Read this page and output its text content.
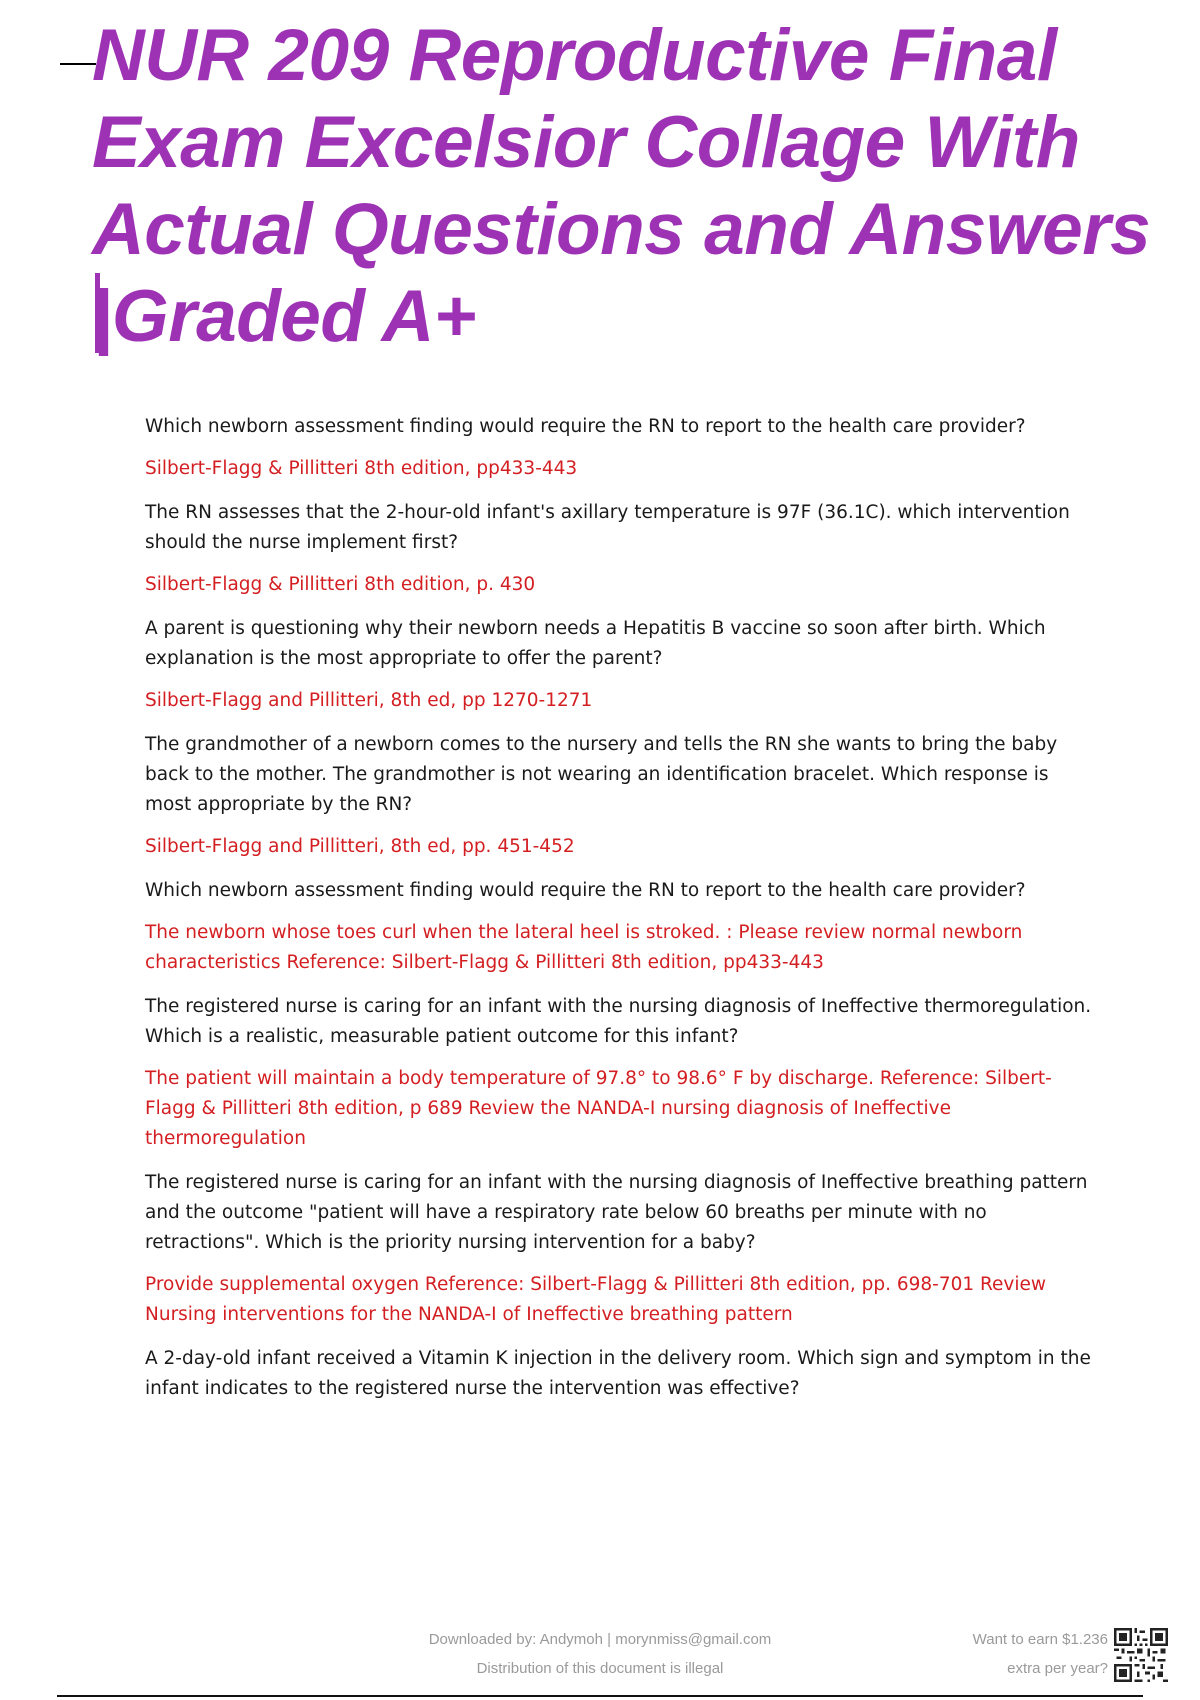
NUR 209 Reproductive Final Exam Excelsior Collage With Actual Questions and Answers |Graded A+
Which newborn assessment finding would require the RN to report to the health care provider?
Silbert-Flagg & Pillitteri 8th edition, pp433-443
The RN assesses that the 2-hour-old infant's axillary temperature is 97F (36.1C). which intervention should the nurse implement first?
Silbert-Flagg & Pillitteri 8th edition, p. 430
A parent is questioning why their newborn needs a Hepatitis B vaccine so soon after birth. Which explanation is the most appropriate to offer the parent?
Silbert-Flagg and Pillitteri, 8th ed, pp 1270-1271
The grandmother of a newborn comes to the nursery and tells the RN she wants to bring the baby back to the mother. The grandmother is not wearing an identification bracelet. Which response is most appropriate by the RN?
Silbert-Flagg and Pillitteri, 8th ed, pp. 451-452
Which newborn assessment finding would require the RN to report to the health care provider?
The newborn whose toes curl when the lateral heel is stroked. : Please review normal newborn characteristics Reference: Silbert-Flagg & Pillitteri 8th edition, pp433-443
The registered nurse is caring for an infant with the nursing diagnosis of Ineffective thermoregulation. Which is a realistic, measurable patient outcome for this infant?
The patient will maintain a body temperature of 97.8° to 98.6° F by discharge. Reference: Silbert-Flagg & Pillitteri 8th edition, p 689 Review the NANDA-I nursing diagnosis of Ineffective thermoregulation
The registered nurse is caring for an infant with the nursing diagnosis of Ineffective breathing pattern and the outcome "patient will have a respiratory rate below 60 breaths per minute with no retractions". Which is the priority nursing intervention for a baby?
Provide supplemental oxygen Reference: Silbert-Flagg & Pillitteri 8th edition, pp. 698-701 Review Nursing interventions for the NANDA-I of Ineffective breathing pattern
A 2-day-old infant received a Vitamin K injection in the delivery room. Which sign and symptom in the infant indicates to the registered nurse the intervention was effective?
Downloaded by: Andymoh | morynmiss@gmail.com
Distribution of this document is illegal
Want to earn $1.236
extra per year?
